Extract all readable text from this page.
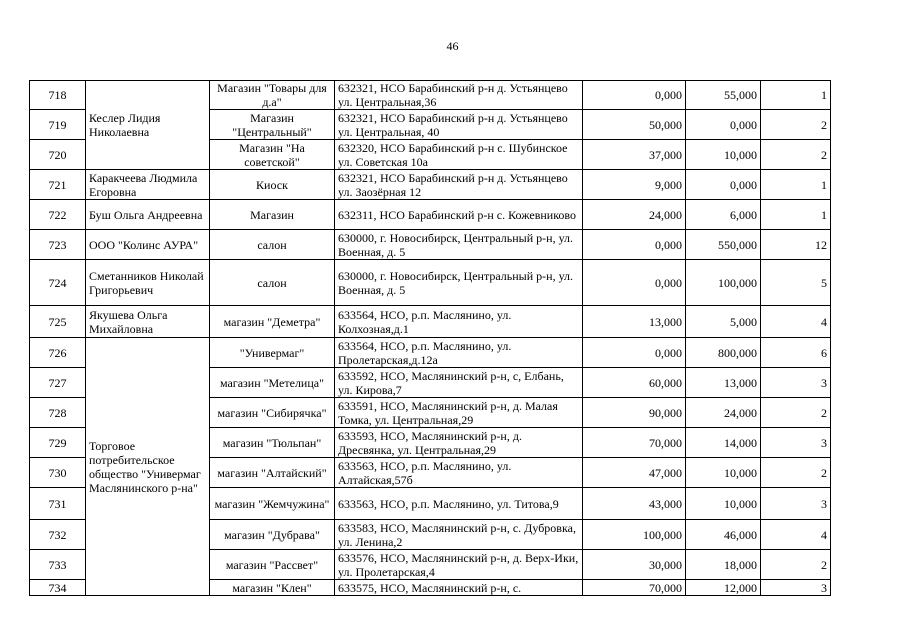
46
718	Кеслер Лидия Николаевна	Магазин "Товары для д.а"	632321, НСО Барабинский р-н д. Устьянцево ул. Центральная,36	0,000	55,000	1
719		Магазин "Центральный"	632321, НСО Барабинский р-н д. Устьянцево ул. Центральная, 40	50,000	0,000	2
720		Магазин "На советской"	632320, НСО Барабинский р-н с. Шубинское ул. Советская 10а	37,000	10,000	2
721	Каракчеева Людмила Егоровна	Киоск	632321, НСО Барабинский р-н д. Устьянцево ул. Заозёрная 12	9,000	0,000	1
722	Буш Ольга Андреевна	Магазин	632311, НСО Барабинский р-н с. Кожевниково	24,000	6,000	1
723	ООО "Колинс АУРА"	салон	630000, г. Новосибирск, Центральный р-н, ул. Военная, д. 5	0,000	550,000	12
724	Сметанников Николай Григорьевич	салон	630000, г. Новосибирск, Центральный р-н, ул. Военная, д. 5	0,000	100,000	5
725	Якушева Ольга Михайловна	магазин "Деметра"	633564, НСО, р.п. Маслянино, ул. Колхозная,д.1	13,000	5,000	4
726	Торговое потребительское общество "Универмаг Маслянинского р-на"	"Универмаг"	633564, НСО, р.п. Маслянино, ул. Пролетарская,д.12а	0,000	800,000	6
727		магазин "Метелица"	633592, НСО, Маслянинский р-н, с, Елбань, ул. Кирова,7	60,000	13,000	3
728		магазин "Сибирячка"	633591, НСО, Маслянинский р-н, д. Малая Томка, ул. Центральная,29	90,000	24,000	2
729		магазин "Тюльпан"	633593, НСО, Маслянинский р-н, д. Дресвянка, ул. Центральная,29	70,000	14,000	3
730		магазин "Алтайский"	633563, НСО, р.п. Маслянино, ул. Алтайская,57б	47,000	10,000	2
731		магазин "Жемчужина"	633563, НСО, р.п. Маслянино, ул. Титова,9	43,000	10,000	3
732		магазин "Дубрава"	633583, НСО, Маслянинский р-н, с. Дубровка, ул. Ленина,2	100,000	46,000	4
733		магазин "Рассвет"	633576, НСО, Маслянинский р-н, д. Верх-Ики, ул. Пролетарская,4	30,000	18,000	2
734		магазин "Клен"	633575, НСО, Маслянинский р-н, с.	70,000	12,000	3
